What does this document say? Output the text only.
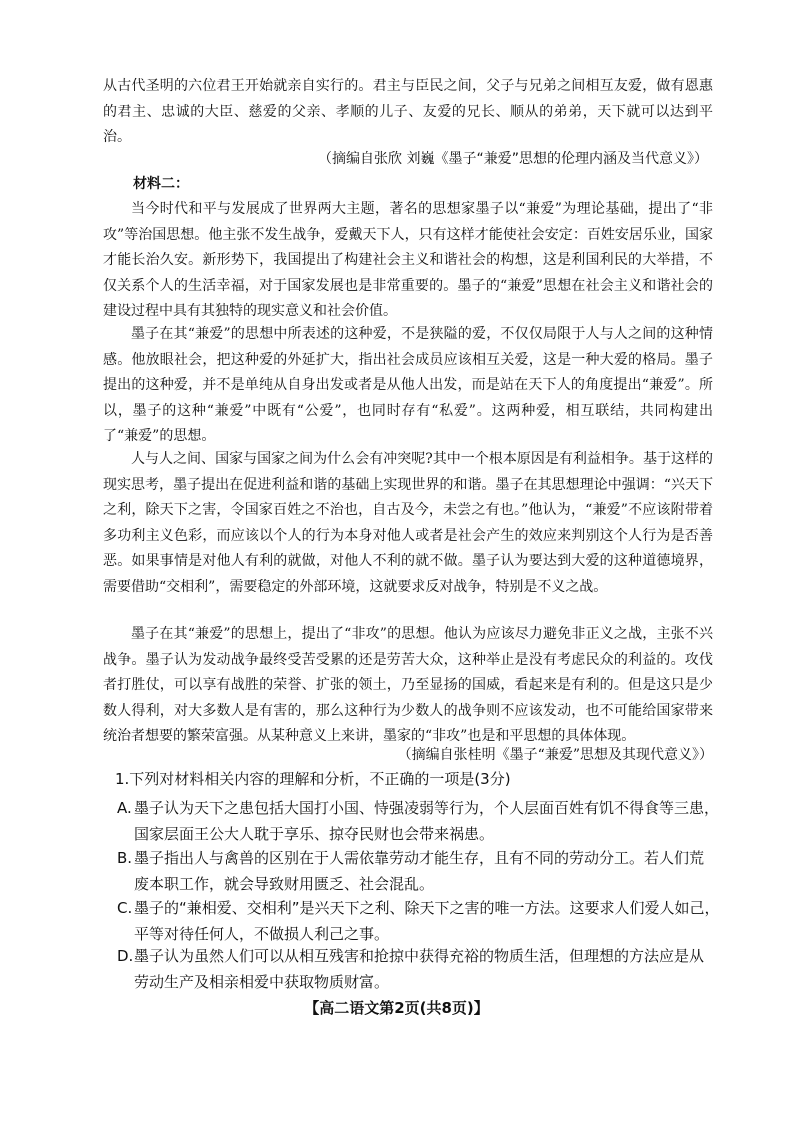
从古代圣明的六位君王开始就亲自实行的。君主与臣民之间，父子与兄弟之间相互友爱，做有恩惠的君主、忠诚的大臣、慈爱的父亲、孝顺的儿子、友爱的兄长、顺从的弟弟，天下就可以达到平治。

（摘编自张欣 刘巍《墨子“兼爱”思想的伦理内涵及当代意义》）

材料二：

当今时代和平与发展成了世界两大主题，著名的思想家墨子以“兼爱”为理论基础，提出了“非攻”等治国思想。他主张不发生战争，爱戴天下人，只有这样才能使社会安定：百姓安居乐业，国家才能长治久安。新形势下，我国提出了构建社会主义和谐社会的构想，这是利国利民的大举措，不仅关系个人的生活幸福，对于国家发展也是非常重要的。墨子的“兼爱”思想在社会主义和谐社会的建设过程中具有其独特的现实意义和社会价值。

墨子在其“兼爱”的思想中所表述的这种爱，不是狭隘的爱，不仅仅局限于人与人之间的这种情感。他放眼社会，把这种爱的外延扩大，指出社会成员应该相互关爱，这是一种大爱的格局。墨子提出的这种爱，并不是单纯从自身出发或者是从他人出发，而是站在天下人的角度提出“兼爱”。所以，墨子的这种“兼爱”中既有“公爱”，也同时存有“私爱”。这两种爱，相互联结，共同构建出了“兼爱”的思想。

人与人之间、国家与国家之间为什么会有冲突呢?其中一个根本原因是有利益相争。基于这样的现实思考，墨子提出在促进利益和谐的基础上实现世界的和谐。墨子在其思想理论中强调：“兴天下之利，除天下之害，令国家百姓之不治也，自古及今，未尝之有也。”他认为，“兼爱”不应该附带着多功利主义色彩，而应该以个人的行为本身对他人或者是社会产生的效应来判别这个人行为是否善恶。如果事情是对他人有利的就做，对他人不利的就不做。墨子认为要达到大爱的这种道德境界，需要借助“交相利”，需要稳定的外部环境，这就要求反对战争，特别是不义之战。

墨子在其“兼爱”的思想上，提出了“非攻”的思想。他认为应该尽力避免非正义之战，主张不兴战争。墨子认为发动战争最终受苦受累的还是劳苦大众，这种举止是没有考虑民众的利益的。攻伐者打胜仗，可以享有战胜的荣誉、扩张的领土，乃至显扬的国威，看起来是有利的。但是这只是少数人得利，对大多数人是有害的，那么这种行为少数人的战争则不应该发动，也不可能给国家带来统治者想要的繁荣富强。从某种意义上来讲，墨家的“非攻”也是和平思想的具体体现。

（摘编自张桂明《墨子“兼爱”思想及其现代意义》）

1.下列对材料相关内容的理解和分析，不正确的一项是(3分)

A. 墨子认为天下之患包括大国打小国、恃强凌弱等行为，个人层面百姓有饥不得食等三患，
国家层面王公大人耽于享乐、掠夺民财也会带来祸患。
B. 墨子指出人与禽兽的区别在于人需依靠劳动才能生存，且有不同的劳动分工。若人们荒
废本职工作，就会导致财用匮乏、社会混乱。
C. 墨子的“兼相爱、交相利”是兴天下之利、除天下之害的唯一方法。这要求人们爱人如己，
平等对待任何人，不做损人利己之事。
D.墨子认为虽然人们可以从相互残害和抢掠中获得充裕的物质生活，但理想的方法应是从
劳动生产及相亲相爱中获取物质财富。
【高二语文第2页(共8页)】
